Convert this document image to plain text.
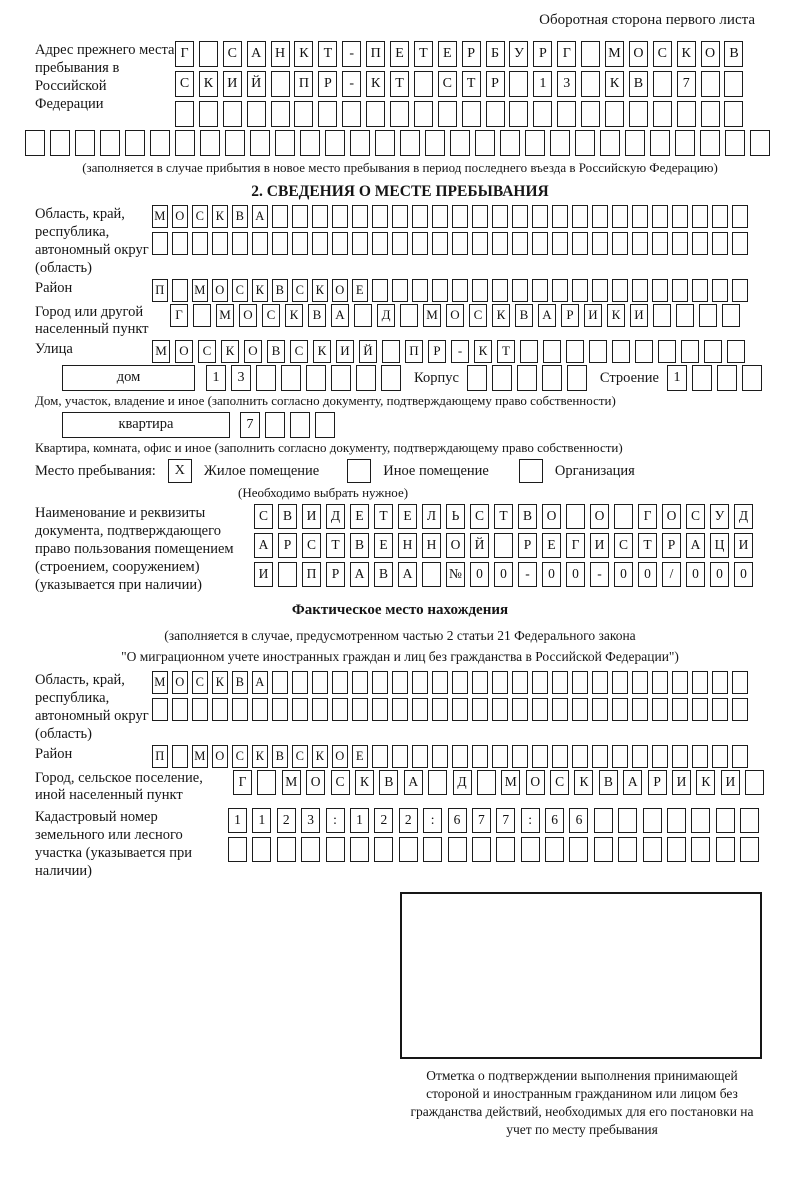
Оборотная сторона первого листа
Адрес прежнего места пребывания в Российской Федерации
Г	С А Н К Т - П Е Т Е Р Б У Р Г	М О С К О В
С К И Й	П Р - К Т	С Т Р	1 3	К В	7
(заполняется в случае прибытия в новое место пребывания в период последнего въезда в Российскую Федерацию)
2. СВЕДЕНИЯ О МЕСТЕ ПРЕБЫВАНИЯ
Область, край, республика, автономный округ (область)
М О С К В А
Район	П М О С К В С К О Е
Город или другой населенный пункт
Г	М О С К В А	Д	М О С К В А Р И К И
Улица	М О С К О В С К И Й	П Р - К Т
дом	1 3	Корпус	Строение	1
Дом, участок, владение и иное (заполнить согласно документу, подтверждающему право собственности)
квартира	7
Квартира, комната, офис и иное (заполнить согласно документу, подтверждающему право собственности)
Место пребывания:	X	Жилое помещение	Иное помещение	Организация
(Необходимо выбрать нужное)
Наименование и реквизиты документа, подтверждающего право пользования помещением (строением, сооружением) (указывается при наличии)
С В И Д Е Т Е Л Ь С Т В О	О	Г О С У Д
А Р С Т В Е Н Н О Й	Р Е Г И С Т Р А Ц И
И	П Р А В А	№ 0 0 - 0 0 - 0 0 / 0 0 0
Фактическое место нахождения
(заполняется в случае, предусмотренном частью 2 статьи 21 Федерального закона
"О миграционном учете иностранных граждан и лиц без гражданства в Российской Федерации")
Область, край, республика, автономный округ (область)
М О С К В А
Район	П М О С К В С К О Е
Город, сельское поселение, иной населенный пункт
Г	М О С К В А	Д	М О С К В А Р И К И
Кадастровый номер земельного или лесного участка (указывается при наличии)
1 1 2 3 : 1 2 2 : 6 7 7 : 6 6
Отметка о подтверждении выполнения принимающей стороной и иностранным гражданином или лицом без гражданства действий, необходимых для его постановки на учет по месту пребывания
